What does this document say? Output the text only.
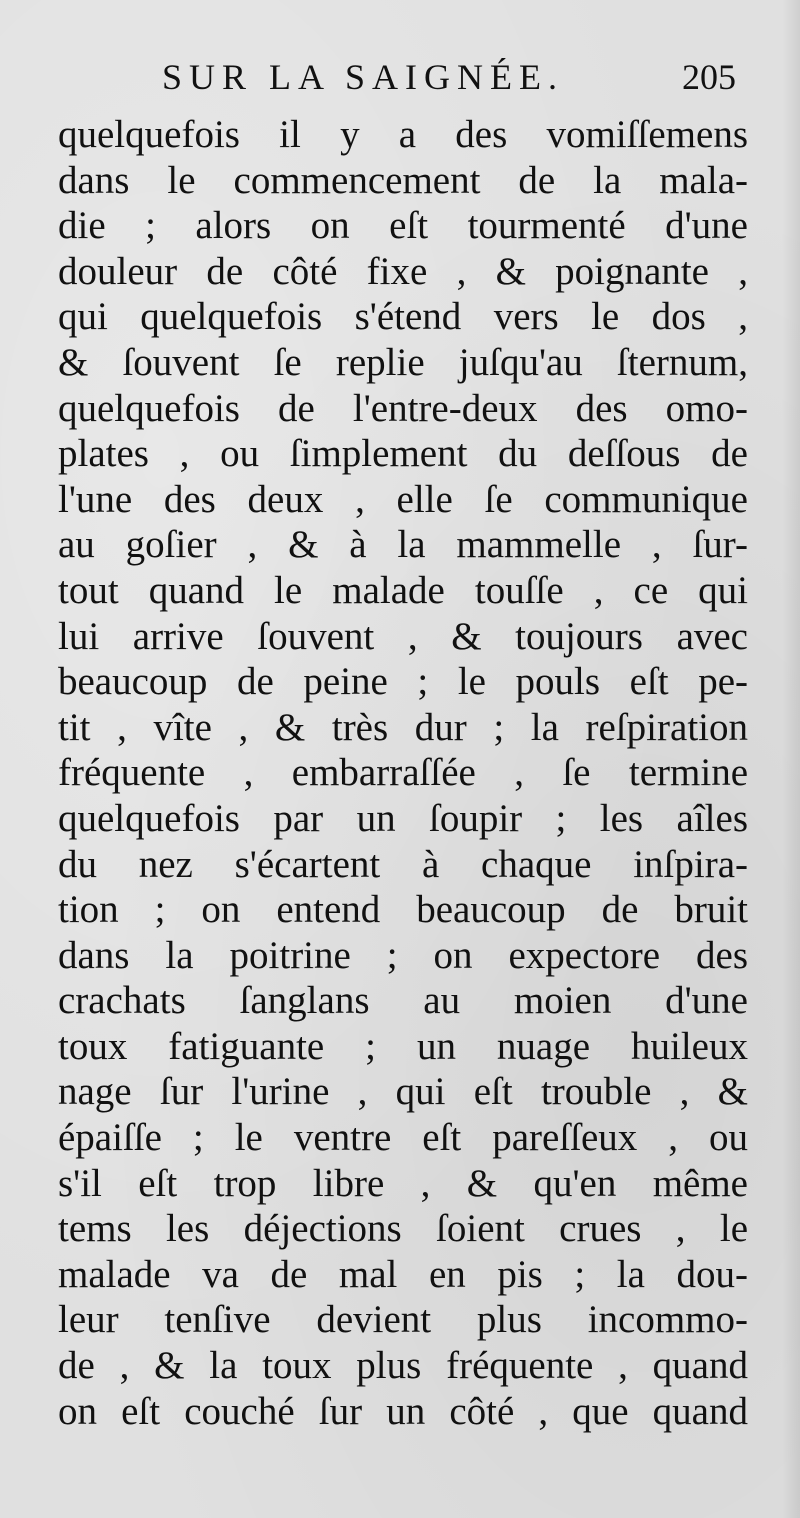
SUR LA SAIGNÉE.	205
quelquefois il y a des vomiſſemens
dans le commencement de la mala-
die ; alors on eſt tourmenté d'une
douleur de côté fixe , & poignante ,
qui quelquefois s'étend vers le dos ,
& ſouvent ſe replie juſqu'au ſternum,
quelquefois de l'entre-deux des omo-
plates , ou ſimplement du deſſous de
l'une des deux , elle ſe communique
au goſier , & à la mammelle , ſur-
tout quand le malade touſſe , ce qui
lui arrive ſouvent , & toujours avec
beaucoup de peine ; le pouls eſt pe-
tit , vîte , & très dur ; la reſpiration
fréquente , embarraſſée , ſe termine
quelquefois par un ſoupir ; les aîles
du nez s'écartent à chaque inſpira-
tion ; on entend beaucoup de bruit
dans la poitrine ; on expectore des
crachats ſanglans au moien d'une
toux fatiguante ; un nuage huileux
nage ſur l'urine , qui eſt trouble , &
épaiſſe ; le ventre eſt pareſſeux , ou
s'il eſt trop libre , & qu'en même
tems les déjections ſoient crues , le
malade va de mal en pis ; la dou-
leur tenſive devient plus incommo-
de , & la toux plus fréquente , quand
on eſt couché ſur un côté , que quand
